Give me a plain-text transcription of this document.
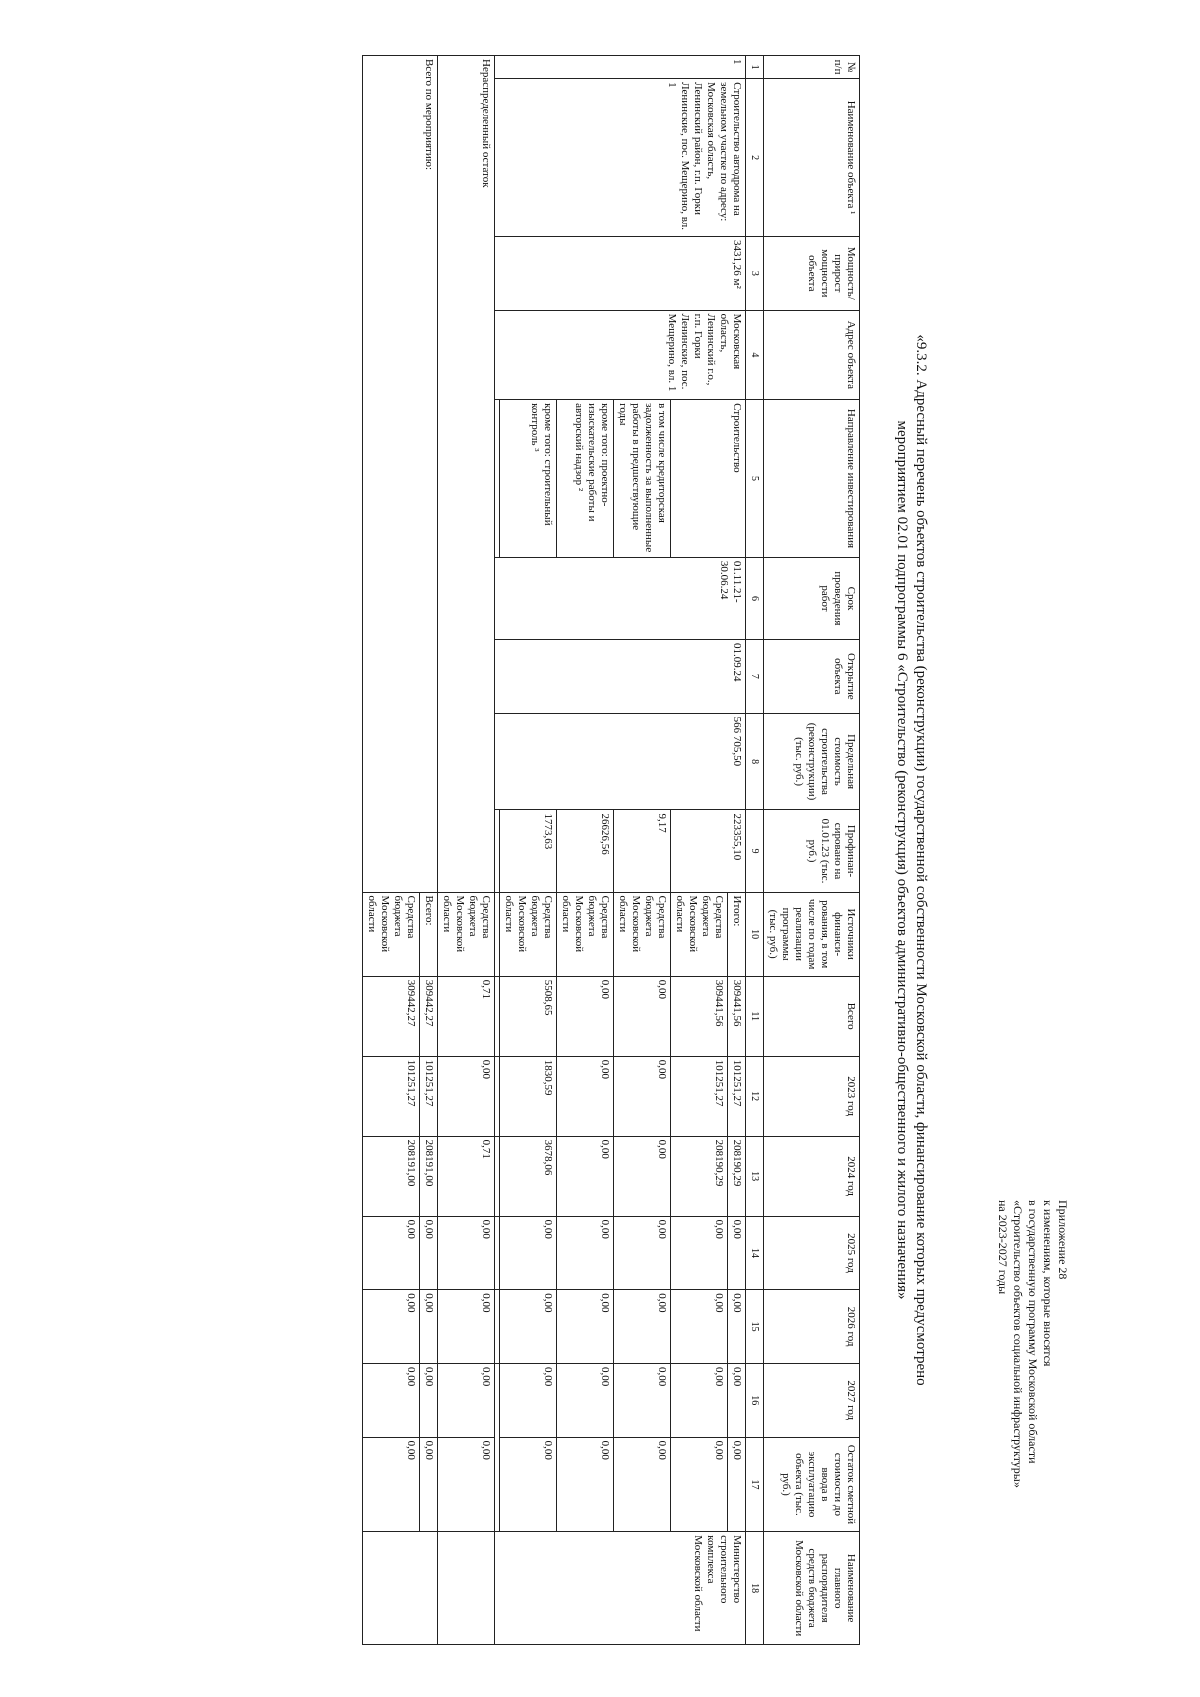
Приложение 28
к изменениям, которые вносятся
в государственную программу Московской области
«Строительство объектов социальной инфраструктуры»
на 2023-2027 годы
«9.3.2. Адресный перечень объектов строительства (реконструкции) государственной собственности Московской области, финансирование которых предусмотрено
мероприятием 02.01 подпрограммы 6 «Строительство (реконструкция) объектов административно-общественного и жилого назначения»
№ п/п	Наименование объекта ¹	Мощность/ прирост мощности объекта	Адрес объекта	Направление инвестирования	Срок проведения работ	Открытие объекта	Предельная стоимость строительства (реконструкции) (тыс. руб.)	Профинан-сировано на 01.01.23 (тыс. руб.)	Источники финанси-рования, в том числе по годам реализации программы (тыс. руб.)	Всего	2023 год	2024 год	2025 год	2026 год	2027 год	Остаток сметной стоимости до ввода в эксплуатацию объекта (тыс. руб.)	Наименование главного распорядителя средств бюджета Московской области
1	2	3	4	5	6	7	8	9	10	11	12	13	14	15	16	17	18
1	Строительство автодрома на земельном участке по адресу: Московская область, Ленинский район, г.п. Горки Ленинские, пос. Мещерино, вл. 1	3431,26 м²	Московская область, Ленинский г.о., г.п. Горки Ленинские, пос. Мещерино, вл. 1	Строительство	01.11.21-30.06.24	01.09.24	566 705,50	223355,10	Итого:	309441,56	101251,27	208190,29	0,00	0,00	0,00	0,00	Министерство строительного комплекса Московской области
									Средства бюджета Московской области	309441,56	101251,27	208190,29	0,00	0,00	0,00	0,00	
				в том числе кредиторская задолженность за выполненные работы в предшествующие годы				9,17	Средства бюджета Московской области	0,00	0,00	0,00	0,00	0,00	0,00	0,00	
				кроме того: проектно-изыскательские работы и авторский надзор ²				26626,56	Средства бюджета Московской области	0,00	0,00	0,00	0,00	0,00	0,00	0,00	
				кроме того: строительный контроль ³				1773,63	Средства бюджета Московской области	5508,65	1830,59	3678,06	0,00	0,00	0,00	0,00	

Нераспределенный остаток									Средства бюджета Московской области	0,71	0,00	0,71	0,00	0,00	0,00	0,00	
Всего по мероприятию:									Всего:	309442,27	101251,27	208191,00	0,00	0,00	0,00	0,00	
									Средства бюджета Московской области	309442,27	101251,27	208191,00	0,00	0,00	0,00	0,00	
